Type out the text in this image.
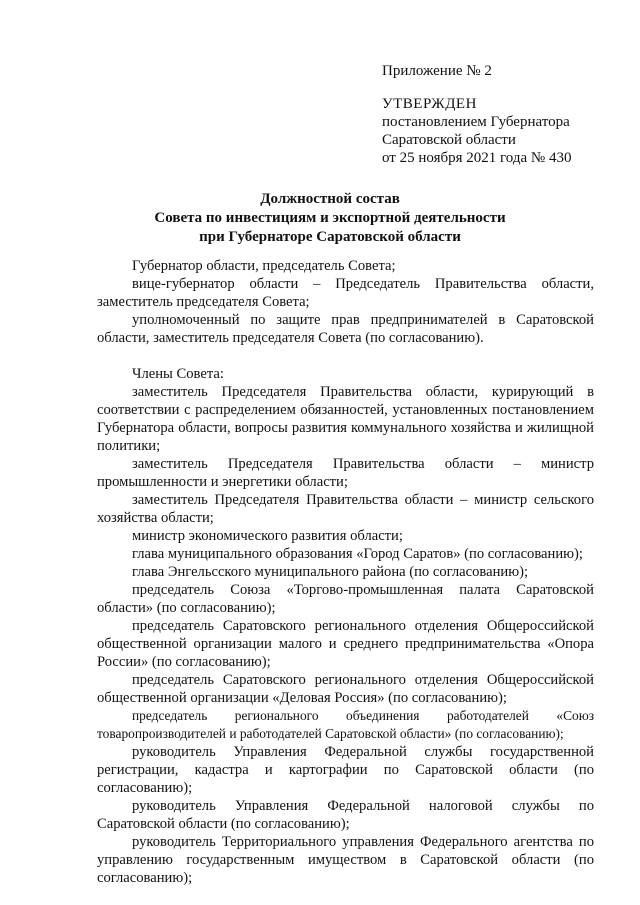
Приложение № 2
УТВЕРЖДЕН
постановлением Губернатора
Саратовской области
от 25 ноября 2021 года № 430
Должностной состав
Совета по инвестициям и экспортной деятельности
при Губернаторе Саратовской области

Губернатор области, председатель Совета;

вице-губернатор области – Председатель Правительства области, заместитель председателя Совета;

уполномоченный по защите прав предпринимателей в Саратовской области, заместитель председателя Совета (по согласованию).

Члены Совета:

заместитель Председателя Правительства области, курирующий в соответствии с распределением обязанностей, установленных постановлением Губернатора области, вопросы развития коммунального хозяйства и жилищной политики;

заместитель Председателя Правительства области – министр промышленности и энергетики области;

заместитель Председателя Правительства области – министр сельского хозяйства области;

министр экономического развития области;

глава муниципального образования «Город Саратов» (по согласованию);

глава Энгельсского муниципального района (по согласованию);

председатель Союза «Торгово-промышленная палата Саратовской области» (по согласованию);

председатель Саратовского регионального отделения Общероссийской общественной организации малого и среднего предпринимательства «Опора России» (по согласованию);

председатель Саратовского регионального отделения Общероссийской общественной организации «Деловая Россия» (по согласованию);

председатель регионального объединения работодателей «Союз товаропроизводителей и работодателей Саратовской области» (по согласованию);

руководитель Управления Федеральной службы государственной регистрации, кадастра и картографии по Саратовской области (по согласованию);

руководитель Управления Федеральной налоговой службы по Саратовской области (по согласованию);

руководитель Территориального управления Федерального агентства по управлению государственным имуществом в Саратовской области (по согласованию);
